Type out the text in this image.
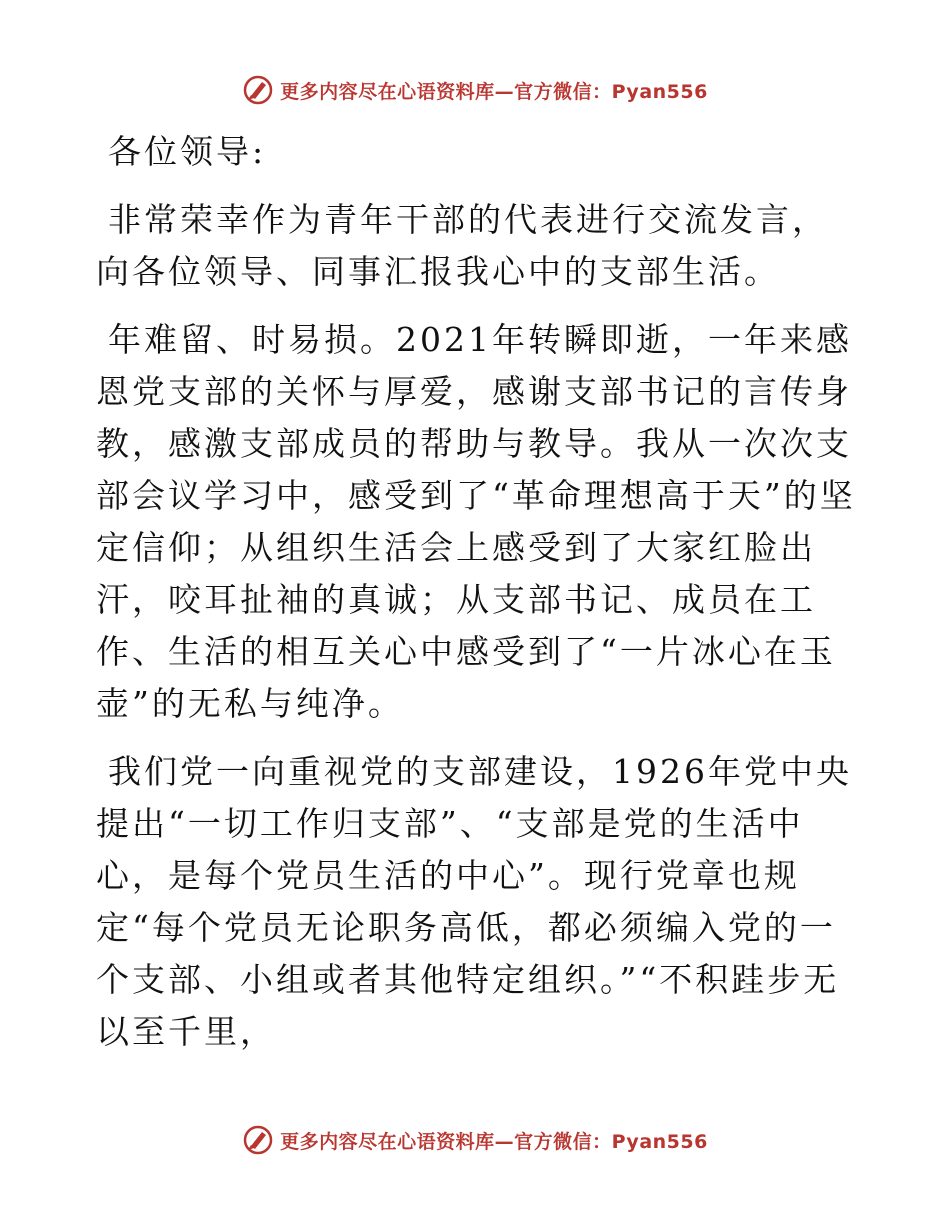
更多内容尽在心语资料库—官方微信：Pyan556

各位领导:

非常荣幸作为青年干部的代表进行交流发言，向各位领导、同事汇报我心中的支部生活。

年难留、时易损。2021年转瞬即逝，一年来感恩党支部的关怀与厚爱，感谢支部书记的言传身教，感激支部成员的帮助与教导。我从一次次支部会议学习中，感受到了“革命理想高于天”的坚定信仰；从组织生活会上感受到了大家红脸出汗，咬耳扯袖的真诚；从支部书记、成员在工作、生活的相互关心中感受到了“一片冰心在玉壶”的无私与纯净。

我们党一向重视党的支部建设，1926年党中央提出“一切工作归支部”、“支部是党的生活中心，是每个党员生活的中心”。现行党章也规定“每个党员无论职务高低，都必须编入党的一个支部、小组或者其他特定组织。”“不积跬步无以至千里，

更多内容尽在心语资料库—官方微信：Pyan556
